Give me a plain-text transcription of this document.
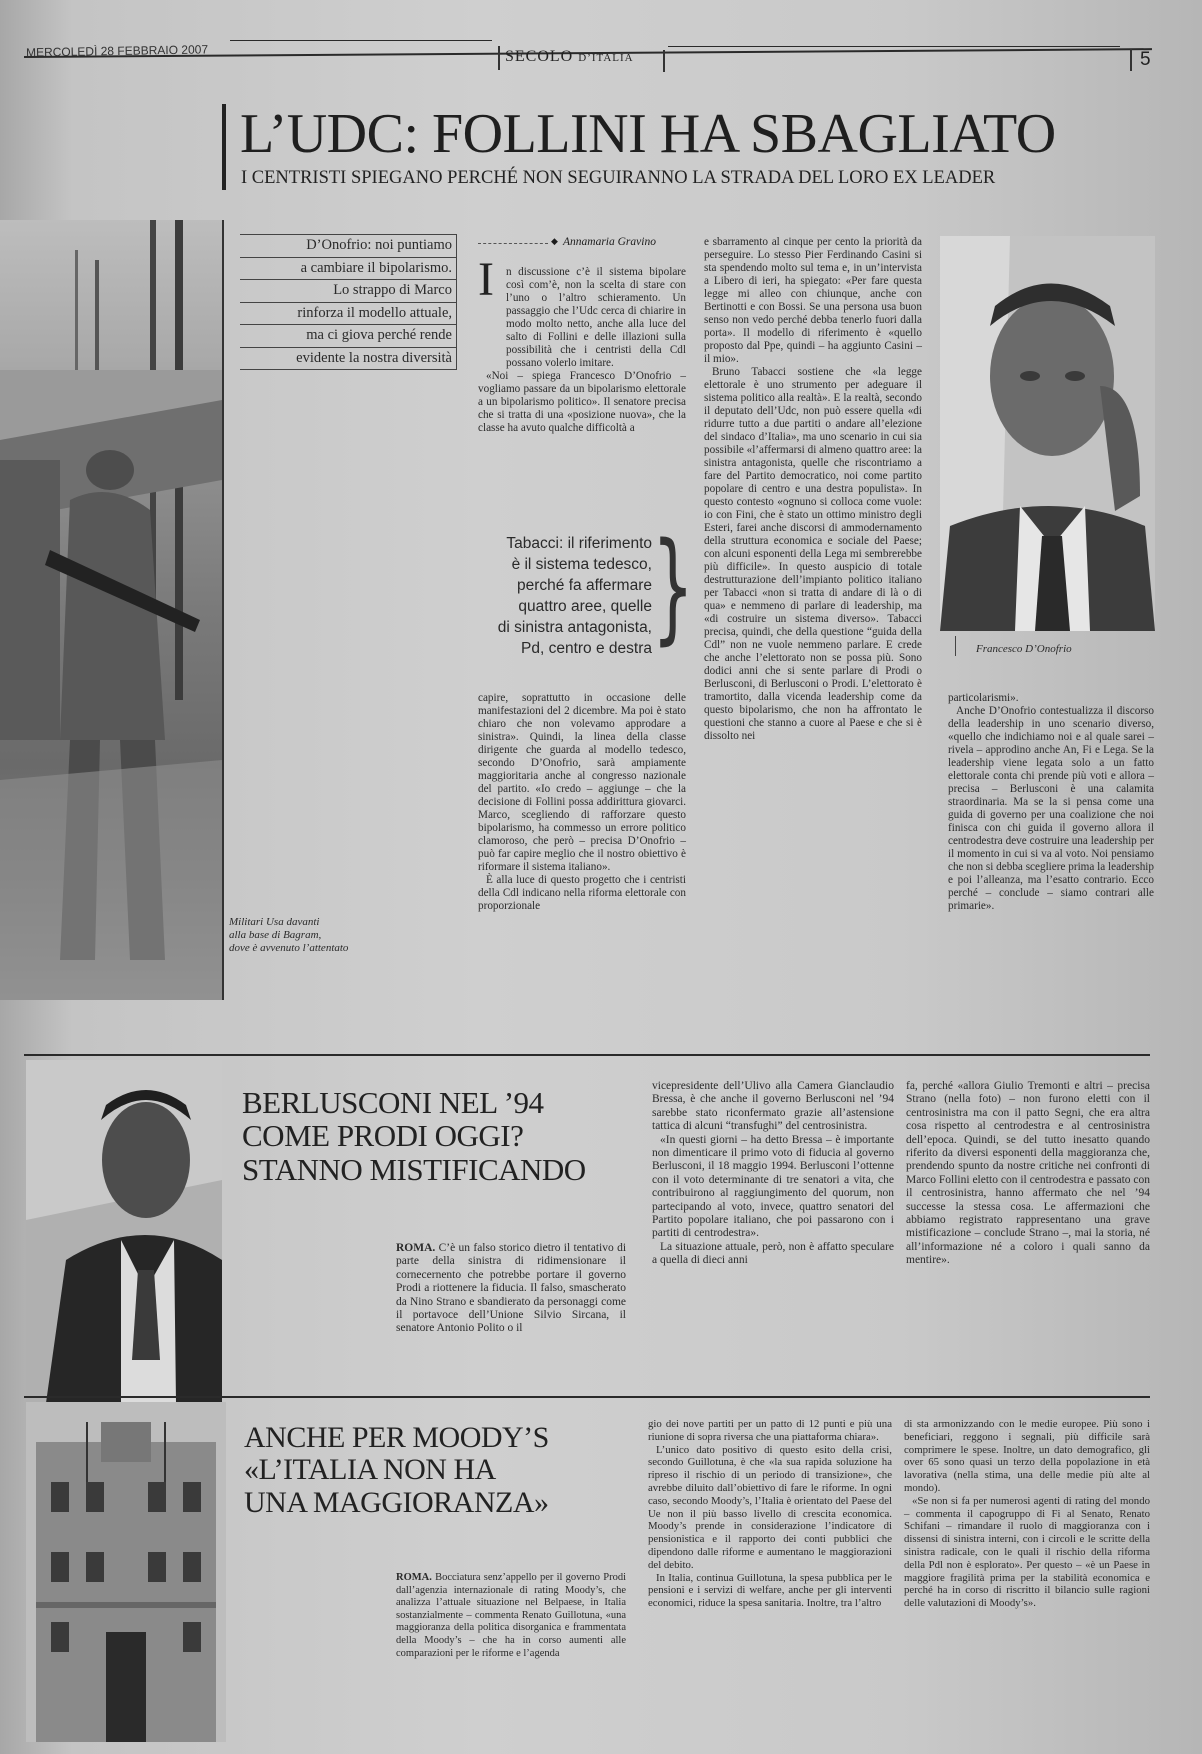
MERCOLEDÌ 28 FEBBRAIO 2007	SECOLO D’ITALIA	5
L’UDC: FOLLINI HA SBAGLIATO
I CENTRISTI SPIEGANO PERCHÉ NON SEGUIRANNO LA STRADA DEL LORO EX LEADER
Militari Usa davanti
alla base di Bagram,
dove è avvenuto l’attentato
D’Onofrio: noi puntiamo
a cambiare il bipolarismo.
Lo strappo di Marco
rinforza il modello attuale,
ma ci giova perché rende
evidente la nostra diversità
◆ Annamaria Gravino
I	n discussione c’è il sistema bipolare così com’è, non la scelta di stare con l’uno o l’altro schieramento. Un passaggio che l’Udc cerca di chiarire in modo molto netto, anche alla luce del salto di Follini e delle illazioni sulla possibilità che i centristi della Cdl possano volerlo imitare.

«Noi – spiega Francesco D’Onofrio – vogliamo passare da un bipolarismo elettorale a un bipolarismo politico». Il senatore precisa che si tratta di una «posizione nuova», che la classe ha avuto qualche difficoltà a

Tabacci: il riferimento
è il sistema tedesco,
perché fa affermare
quattro aree, quelle
di sinistra antagonista,
Pd, centro e destra }

capire, soprattutto in occasione delle manifestazioni del 2 dicembre. Ma poi è stato chiaro che non volevamo approdare a sinistra». Quindi, la linea della classe dirigente che guarda al modello tedesco, secondo D’Onofrio, sarà ampiamente maggioritaria anche al congresso nazionale del partito. «Io credo – aggiunge – che la decisione di Follini possa addirittura giovarci. Marco, scegliendo di rafforzare questo bipolarismo, ha commesso un errore politico clamoroso, che però – precisa D’Onofrio – può far capire meglio che il nostro obiettivo è riformare il sistema italiano».

È alla luce di questo progetto che i centristi della Cdl indicano nella riforma elettorale con proporzionale

e sbarramento al cinque per cento la priorità da perseguire. Lo stesso Pier Ferdinando Casini si sta spendendo molto sul tema e, in un’intervista a Libero di ieri, ha spiegato: «Per fare questa legge mi alleo con chiunque, anche con Bertinotti e con Bossi. Se una persona usa buon senso non vedo perché debba tenerlo fuori dalla porta». Il modello di riferimento è «quello proposto dal Ppe, quindi – ha aggiunto Casini – il mio».

Bruno Tabacci sostiene che «la legge elettorale è uno strumento per adeguare il sistema politico alla realtà». E la realtà, secondo il deputato dell’Udc, non può essere quella «di ridurre tutto a due partiti o andare all’elezione del sindaco d’Italia», ma uno scenario in cui sia possibile «l’affermarsi di almeno quattro aree: la sinistra antagonista, quelle che riscontriamo a fare del Partito democratico, noi come partito popolare di centro e una destra populista». In questo contesto «ognuno si colloca come vuole: io con Fini, che è stato un ottimo ministro degli Esteri, farei anche discorsi di ammodernamento della struttura economica e sociale del Paese; con alcuni esponenti della Lega mi sembrerebbe più difficile». In questo auspicio di totale destrutturazione dell’impianto politico italiano per Tabacci «non si tratta di andare di là o di qua» e nemmeno di parlare di leadership, ma «di costruire un sistema diverso». Tabacci precisa, quindi, che della questione “guida della Cdl” non ne vuole nemmeno parlare. E crede che anche l’elettorato non se possa più. Sono dodici anni che si sente parlare di Prodi o Berlusconi, di Berlusconi o Prodi. L’elettorato è tramortito, dalla vicenda leadership come da questo bipolarismo, che non ha affrontato le questioni che stanno a cuore al Paese e che si è dissolto nei

Francesco D’Onofrio

particolarismi».

Anche D’Onofrio contestualizza il discorso della leadership in uno scenario diverso, «quello che indichiamo noi e al quale sarei – rivela – approdino anche An, Fi e Lega. Se la leadership viene legata solo a un fatto elettorale conta chi prende più voti e allora – precisa – Berlusconi è una calamita straordinaria. Ma se la si pensa come una guida di governo per una coalizione che noi finisca con chi guida il governo allora il centrodestra deve costruire una leadership per il momento in cui si va al voto. Noi pensiamo che non si debba scegliere prima la leadership e poi l’alleanza, ma l’esatto contrario. Ecco perché – conclude – siamo contrari alle primarie».

BERLUSCONI NEL ’94
COME PRODI OGGI?
STANNO MISTIFICANDO
ROMA. C’è un falso storico dietro il tentativo di parte della sinistra di ridimensionare il cornecernento che potrebbe portare il governo Prodi a riottenere la fiducia. Il falso, smascherato da Nino Strano e sbandierato da personaggi come il portavoce dell’Unione Silvio Sircana, il senatore Antonio Polito o il

vicepresidente dell’Ulivo alla Camera Gianclaudio Bressa, è che anche il governo Berlusconi nel ’94 sarebbe stato riconfermato grazie all’astensione tattica di alcuni “transfughi” del centrosinistra.

«In questi giorni – ha detto Bressa – è importante non dimenticare il primo voto di fiducia al governo Berlusconi, il 18 maggio 1994. Berlusconi l’ottenne con il voto determinante di tre senatori a vita, che contribuirono al raggiungimento del quorum, non partecipando al voto, invece, quattro senatori del Partito popolare italiano, che poi passarono con i partiti di centrodestra».

La situazione attuale, però, non è affatto speculare a quella di dieci anni

fa, perché «allora Giulio Tremonti e altri – precisa Strano (nella foto) – non furono eletti con il centrosinistra ma con il patto Segni, che era altra cosa rispetto al centrodestra e al centrosinistra dell’epoca. Quindi, se del tutto inesatto quando riferito da diversi esponenti della maggioranza che, prendendo spunto da nostre critiche nei confronti di Marco Follini eletto con il centrodestra e passato con il centrosinistra, hanno affermato che nel ’94 successe la stessa cosa. Le affermazioni che abbiamo registrato rappresentano una grave mistificazione – conclude Strano –, mai la storia, né all’informazione né a coloro i quali sanno da mentire».

ANCHE PER MOODY’S
«L’ITALIA NON HA
UNA MAGGIORANZA»
ROMA. Bocciatura senz’appello per il governo Prodi dall’agenzia internazionale di rating Moody’s, che analizza l’attuale situazione nel Belpaese, in Italia sostanzialmente – commenta Renato Guillotuna, «una maggioranza della politica disorganica e frammentata della Moody’s – che ha in corso aumenti alle comparazioni per le riforme e l’agenda

gio dei nove partiti per un patto di 12 punti e più una riunione di sopra riversa che una piattaforma chiara».

L’unico dato positivo di questo esito della crisi, secondo Guillotuna, è che «la sua rapida soluzione ha ripreso il rischio di un periodo di transizione», che avrebbe diluito dall’obiettivo di fare le riforme. In ogni caso, secondo Moody’s, l’Italia è orientato del Paese del Ue non il più basso livello di crescita economica. Moody’s prende in considerazione l’indicatore di pensionistica e il rapporto dei conti pubblici che dipendono dalle riforme e aumentano le maggiorazioni del debito.

In Italia, continua Guillotuna, la spesa pubblica per le pensioni e i servizi di welfare, anche per gli interventi economici, riduce la spesa sanitaria. Inoltre, tra l’altro

di sta armonizzando con le medie europee. Più sono i beneficiari, reggono i segnali, più difficile sarà comprimere le spese. Inoltre, un dato demografico, gli over 65 sono quasi un terzo della popolazione in età lavorativa (nella stima, una delle medie più alte al mondo).

«Se non si fa per numerosi agenti di rating del mondo – commenta il capogruppo di Fi al Senato, Renato Schifani – rimandare il ruolo di maggioranza con i dissensi di sinistra interni, con i circoli e le scritte della sinistra radicale, con le quali il rischio della riforma della Pdl non è esplorato». Per questo – «è un Paese in maggiore fragilità prima per la stabilità economica e perché ha in corso di riscritto il bilancio sulle ragioni delle valutazioni di Moody’s».
